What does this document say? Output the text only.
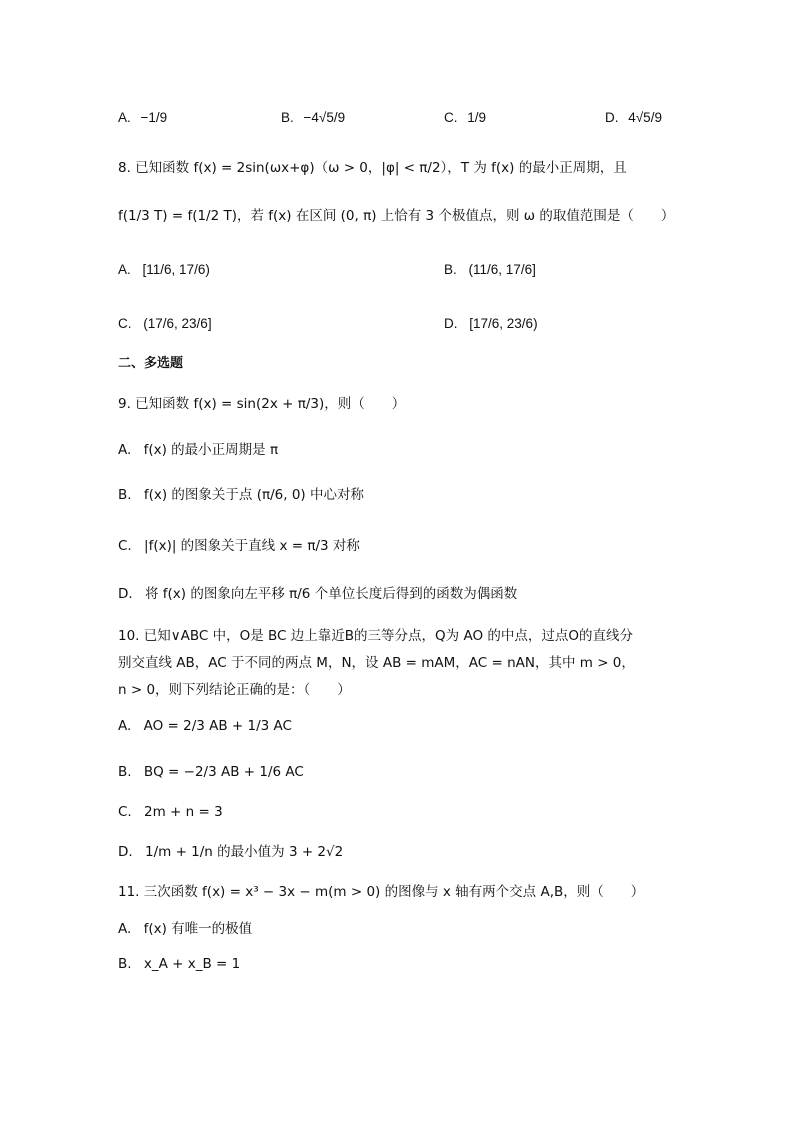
A. −1/9	B. −4√5/9	C. 1/9	D. 4√5/9
8. 已知函数 f(x) = 2sin(ωx+φ)（ω > 0，|φ| < π/2），T 为 f(x) 的最小正周期，且
f(1/3 T) = f(1/2 T)，若 f(x) 在区间 (0, π) 上恰有 3 个极值点，则 ω 的取值范围是（　　）
A. [11/6, 17/6)	B. (11/6, 17/6]
C. (17/6, 23/6]	D. [17/6, 23/6)
二、多选题
9. 已知函数 f(x) = sin(2x + π/3)，则（　　）
A. f(x) 的最小正周期是 π
B. f(x) 的图象关于点 (π/6, 0) 中心对称
C. |f(x)| 的图象关于直线 x = π/3 对称
D. 将 f(x) 的图象向左平移 π/6 个单位长度后得到的函数为偶函数
10. 已知∨ABC 中，O是 BC 边上靠近B的三等分点，Q为 AO 的中点，过点O的直线分
别交直线 AB，AC 于不同的两点 M，N，设 AB = mAM，AC = nAN，其中 m > 0，
n > 0，则下列结论正确的是：（　　）
A. AO = 2/3 AB + 1/3 AC
B. BQ = −2/3 AB + 1/6 AC
C. 2m + n = 3
D. 1/m + 1/n 的最小值为 3 + 2√2
11. 三次函数 f(x) = x³ − 3x − m(m > 0) 的图像与 x 轴有两个交点 A,B，则（　　）
A. f(x) 有唯一的极值
B. x_A + x_B = 1
